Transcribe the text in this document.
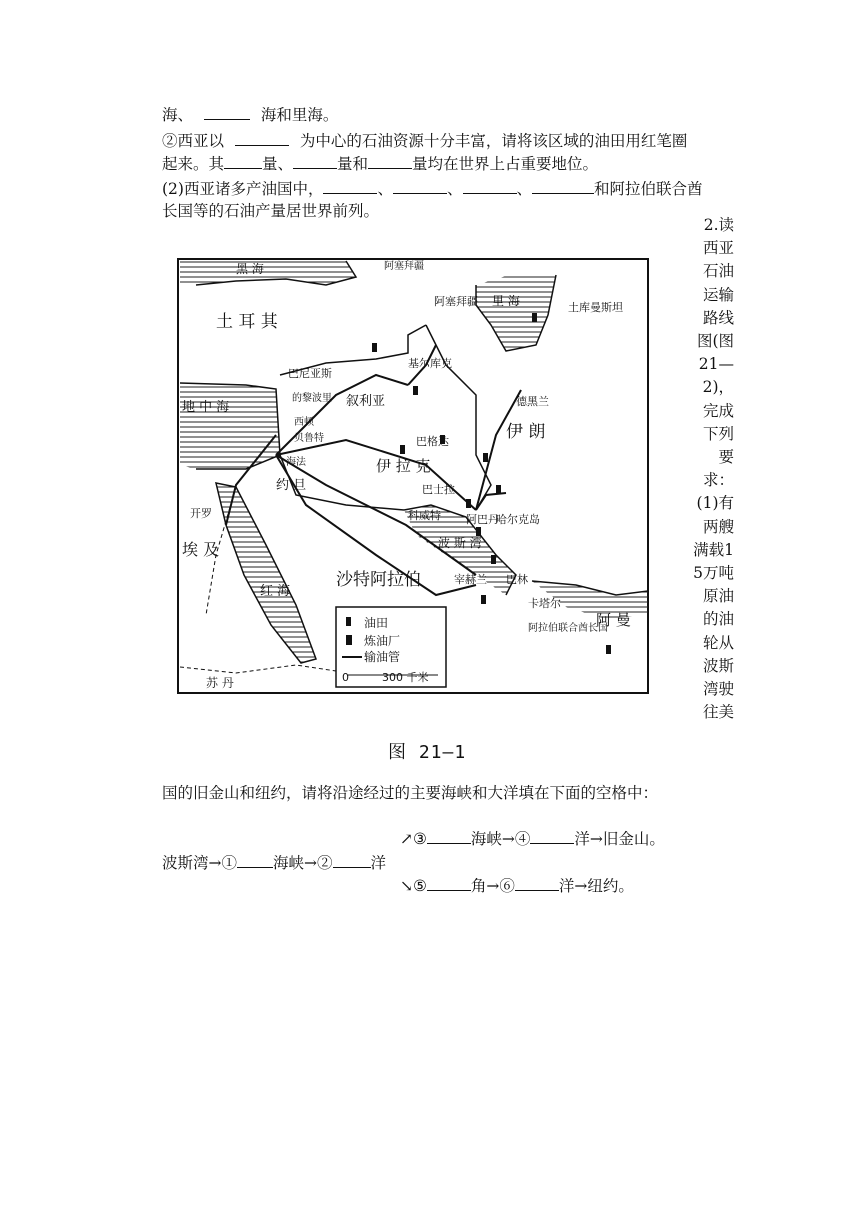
海、	海和里海。
②西亚以	为中心的石油资源十分丰富，请将该区域的油田用红笔圈
起来。其 量、	量和	量均在世界上占重要地位。
(2)西亚诸多产油国中，	、	、	、	和阿拉伯联合酋
长国等的石油产量居世界前列。
2.读西亚石油运输路线图(图21—2)，完成下列要求：(1)有两艘满载15万吨原油的油轮从波斯湾驶往美
土 耳 其
伊 朗
伊 拉 克
沙特阿拉伯
埃 及
叙利亚
约 旦
地 中 海
红 海
波 斯 湾
黑 海
里 海
德黑兰
阿塞拜疆
巴格达
巴士拉
基尔库克
巴尼亚斯
阿巴丹
哈尔克岛
科威特
卡塔尔
阿拉伯联合酋长国
阿 曼
宰赫兰 巴林
海法
的黎波里
西顿
贝鲁特
开罗
苏 丹
土库曼斯坦
阿塞拜疆
油田
炼油厂
输油管
0	300 千米
图 21—1
国的旧金山和纽约，请将沿途经过的主要海峡和大洋填在下面的空格中：
↗③	海峡→④	洋→旧金山。
波斯湾→① 海峡→② 洋
↘⑤	角→⑥	洋→纽约。
